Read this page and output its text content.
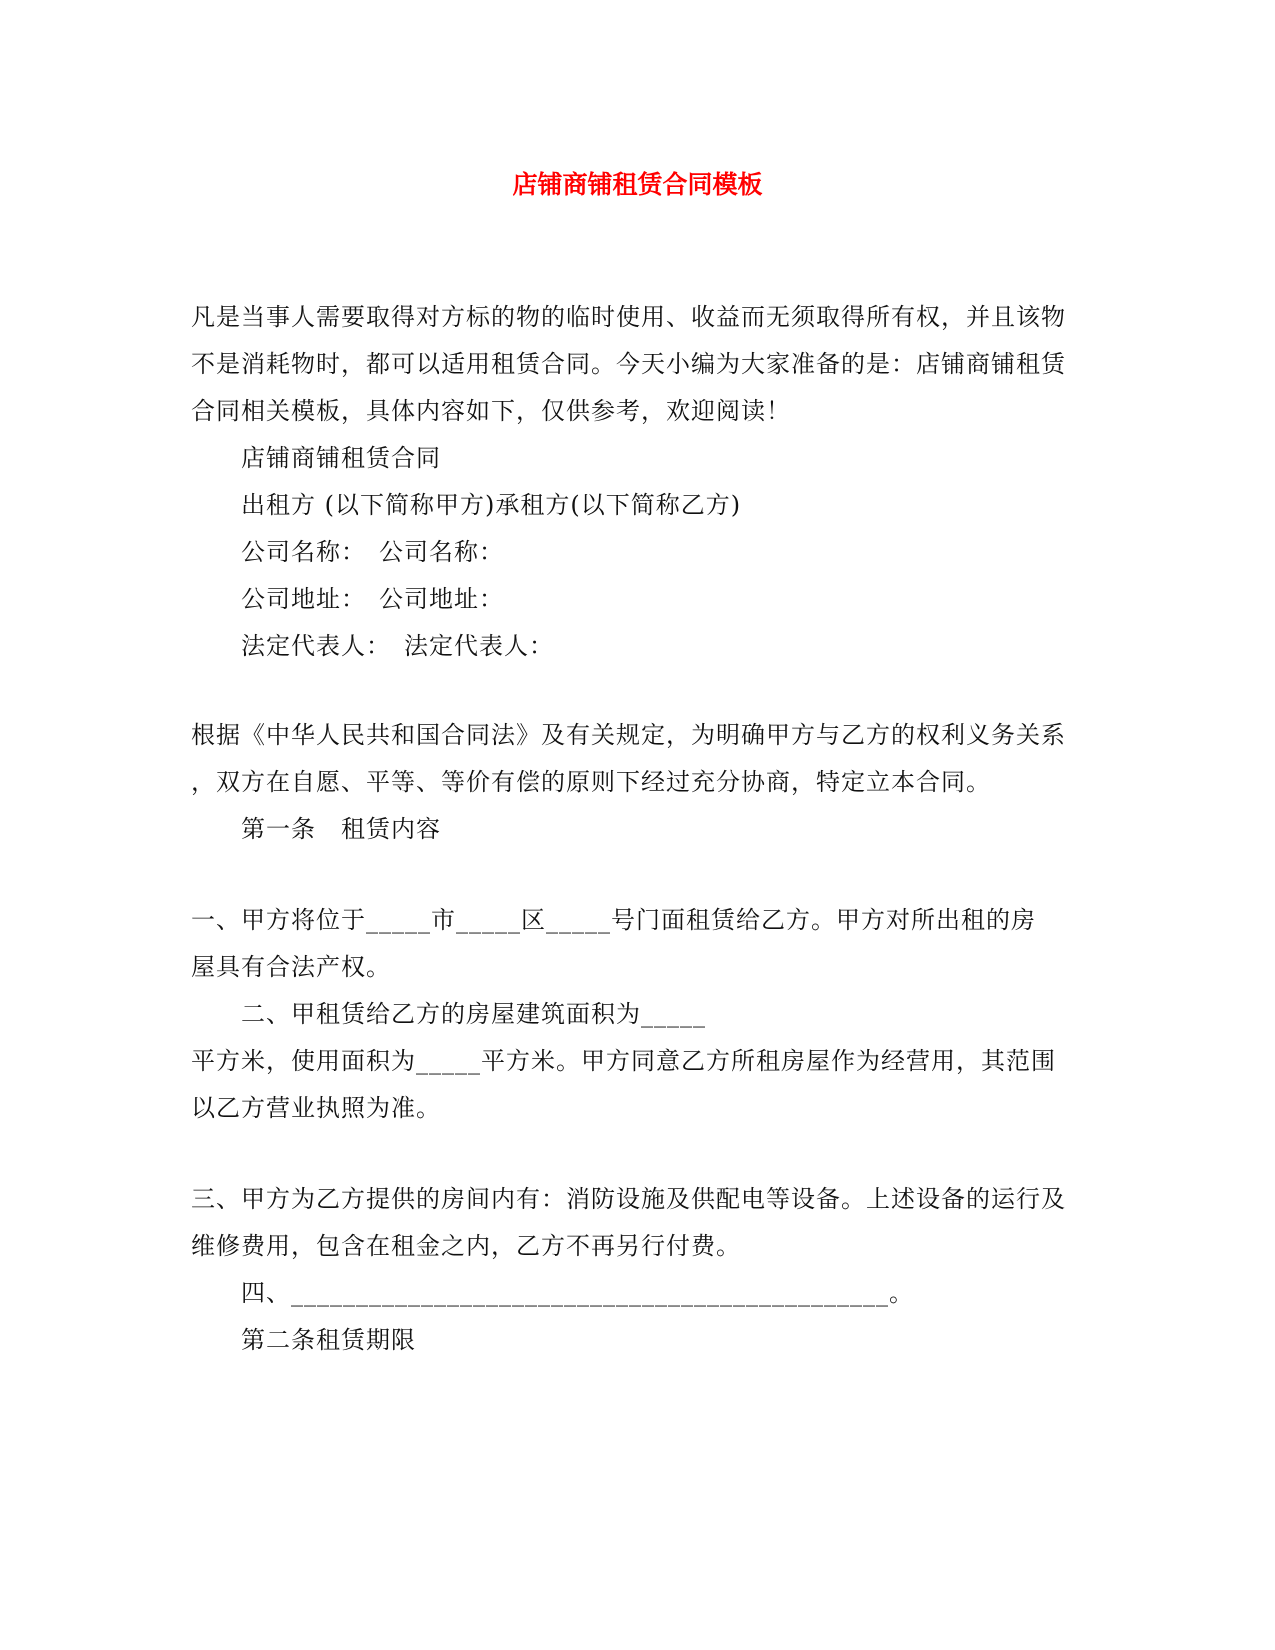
店铺商铺租赁合同模板
凡是当事人需要取得对方标的物的临时使用、收益而无须取得所有权，并且该物
不是消耗物时，都可以适用租赁合同。今天小编为大家准备的是：店铺商铺租赁
合同相关模板，具体内容如下，仅供参考，欢迎阅读！
店铺商铺租赁合同
出租方 (以下简称甲方)承租方(以下简称乙方)
公司名称：　公司名称：
公司地址：　公司地址：
法定代表人：　法定代表人：
根据《中华人民共和国合同法》及有关规定，为明确甲方与乙方的权利义务关系
，双方在自愿、平等、等价有偿的原则下经过充分协商，特定立本合同。
第一条　租赁内容
一、甲方将位于_____市_____区_____号门面租赁给乙方。甲方对所出租的房
屋具有合法产权。
二、甲租赁给乙方的房屋建筑面积为_____
平方米，使用面积为_____平方米。甲方同意乙方所租房屋作为经营用，其范围
以乙方营业执照为准。
三、甲方为乙方提供的房间内有：消防设施及供配电等设备。上述设备的运行及
维修费用，包含在租金之内，乙方不再另行付费。
四、______________________________________________。
第二条租赁期限
